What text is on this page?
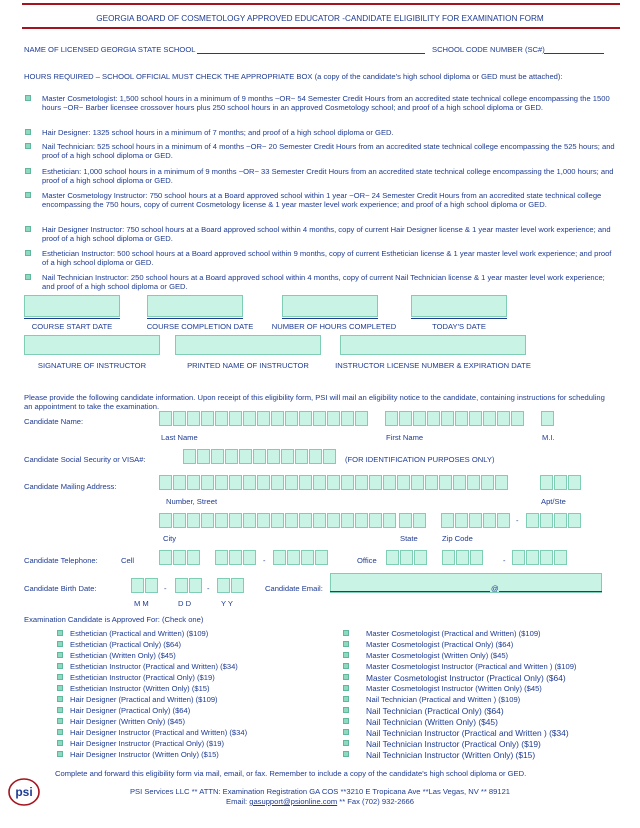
GEORGIA BOARD OF COSMETOLOGY APPROVED EDUCATOR -CANDIDATE ELIGIBILITY FOR EXAMINATION FORM
NAME OF LICENSED GEORGIA STATE SCHOOL	SCHOOL CODE NUMBER (SC#)
HOURS REQUIRED – SCHOOL OFFICIAL MUST CHECK THE APPROPRIATE BOX (a copy of the candidate's high school diploma or GED must be attached):
Master Cosmetologist: 1,500 school hours in a minimum of 9 months ~OR~ 54 Semester Credit Hours from an accredited state technical college encompassing the 1500 hours ~OR~ Barber licensee crossover hours plus 250 school hours in an approved Cosmetology school; and proof of a high school diploma or GED.
Hair Designer: 1325 school hours in a minimum of 7 months; and proof of a high school diploma or GED.
Nail Technician: 525 school hours in a minimum of 4 months ~OR~ 20 Semester Credit Hours from an accredited state technical college encompassing the 525 hours; and proof of a high school diploma or GED.
Esthetician: 1,000 school hours in a minimum of 9 months ~OR~ 33 Semester Credit Hours from an accredited state technical college encompassing the 1,000 hours; and proof of a high school diploma or GED.
Master Cosmetology Instructor: 750 school hours at a Board approved school within 1 year ~OR~ 24 Semester Credit Hours from an accredited state technical college encompassing the 750 hours, copy of current Cosmetology license & 1 year master level work experience; and proof of a high school diploma or GED.
Hair Designer Instructor: 750 school hours at a Board approved school within 4 months, copy of current Hair Designer license & 1 year master level work experience; and proof of a high school diploma or GED.
Esthetician Instructor: 500 school hours at a Board approved school within 9 months, copy of current Esthetician license & 1 year master level work experience; and proof of a high school diploma or GED.
Nail Technician Instructor: 250 school hours at a Board approved school within 4 months, copy of current Nail Technician license & 1 year master level work experience; and proof of a high school diploma or GED.
COURSE START DATE	COURSE COMPLETION DATE	NUMBER OF HOURS COMPLETED	TODAY'S DATE
SIGNATURE OF INSTRUCTOR	PRINTED NAME OF INSTRUCTOR	INSTRUCTOR LICENSE NUMBER & EXPIRATION DATE
Please provide the following candidate information. Upon receipt of this eligibility form, PSI will mail an eligibility notice to the candidate, containing instructions for scheduling an appointment to take the examination.
Candidate Name:
Last Name	First Name	M.I.
Candidate Social Security or VISA#:	(FOR IDENTIFICATION PURPOSES ONLY)
Candidate Mailing Address:
Number, Street	Apt/Ste
-
City	State	Zip Code
Candidate Telephone:	Cell	-	Office	-
Candidate Birth Date:	-	-
M M	D D	Y Y
Candidate Email:	@
Examination Candidate is Approved For: (Check one)
Esthetician (Practical and Written) ($109)
Esthetician (Practical Only) ($64)
Esthetician (Written Only) ($45)
Esthetician Instructor (Practical and Written) ($34)
Esthetician Instructor (Practical Only) ($19)
Esthetician Instructor (Written Only) ($15)
Hair Designer (Practical and Written) ($109)
Hair Designer (Practical Only) ($64)
Hair Designer (Written Only) ($45)
Hair Designer Instructor (Practical and Written) ($34)
Hair Designer Instructor (Practical Only) ($19)
Hair Designer Instructor (Written Only) ($15)
Master Cosmetologist (Practical and Written) ($109)
Master Cosmetologist (Practical Only) ($64)
Master Cosmetologist (Written Only) ($45)
Master Cosmetologist Instructor (Practical and Written ) ($109)
Master Cosmetologist Instructor (Practical Only) ($64)
Master Cosmetologist Instructor (Written Only) ($45)
Nail Technician (Practical and Written ) ($109)
Nail Technician (Practical Only) ($64)
Nail Technician (Written Only) ($45)
Nail Technician Instructor (Practical and Written ) ($34)
Nail Technician Instructor (Practical Only) ($19)
Nail Technician Instructor (Written Only) ($15)
psi
Complete and forward this eligibility form via mail, email, or fax. Remember to include a copy of the candidate's high school diploma or GED.
PSI Services LLC ** ATTN: Examination Registration GA COS **3210 E Tropicana Ave **Las Vegas, NV ** 89121
Email: gasupport@psionline.com ** Fax (702) 932-2666
